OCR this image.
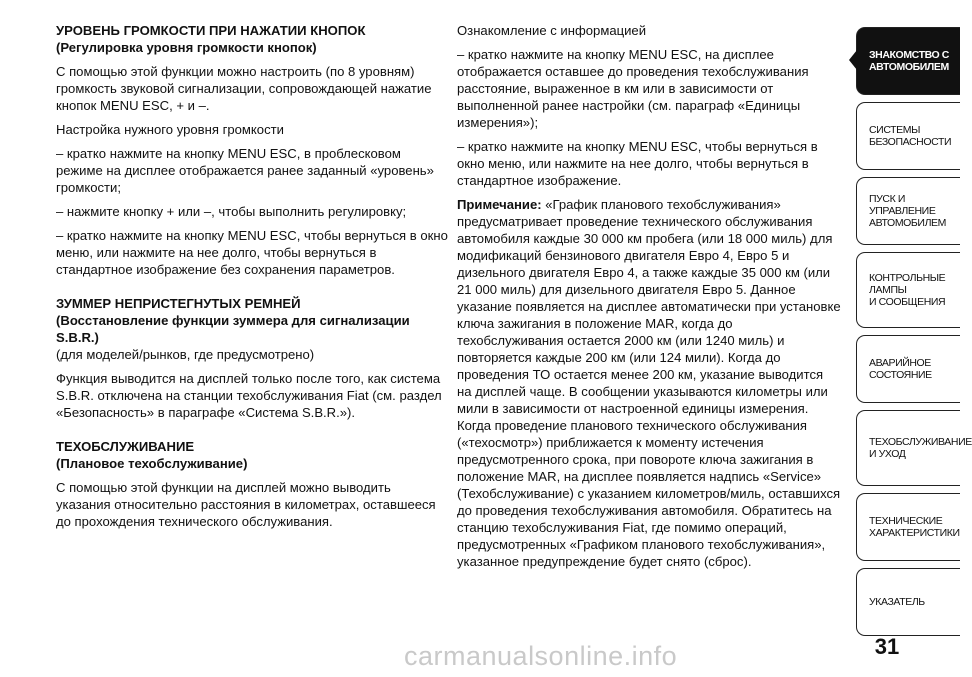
УРОВЕНЬ ГРОМКОСТИ ПРИ НАЖАТИИ КНОПОК
(Регулировка уровня громкости кнопок)

С помощью этой функции можно настроить (по 8 уровням) громкость звуковой сигнализации, сопровождающей нажатие кнопок MENU ESC, + и –.

Настройка нужного уровня громкости

– кратко нажмите на кнопку MENU ESC, в проблесковом режиме на дисплее отображается ранее заданный «уровень» громкости;

– нажмите кнопку + или –, чтобы выполнить регулировку;

– кратко нажмите на кнопку MENU ESC, чтобы вернуться в окно меню, или нажмите на нее долго, чтобы вернуться в стандартное изображение без сохранения параметров.

ЗУММЕР НЕПРИСТЕГНУТЫХ РЕМНЕЙ
(Восстановление функции зуммера для сигнализации S.B.R.)

(для моделей/рынков, где предусмотрено)

Функция выводится на дисплей только после того, как система S.B.R. отключена на станции техобслуживания Fiat (см. раздел «Безопасность» в параграфе «Система S.B.R.»).

ТЕХОБСЛУЖИВАНИЕ
(Плановое техобслуживание)

С помощью этой функции на дисплей можно выводить указания относительно расстояния в километрах, оставшееся до прохождения технического обслуживания.

Ознакомление с информацией

– кратко нажмите на кнопку MENU ESC, на дисплее отображается оставшее до проведения техобслуживания расстояние, выраженное в км или в зависимости от выполненной ранее настройки (см. параграф «Единицы измерения»);

– кратко нажмите на кнопку MENU ESC, чтобы вернуться в окно меню, или нажмите на нее долго, чтобы вернуться в стандартное изображение.

Примечание: «График планового техобслуживания» предусматривает проведение технического обслуживания автомобиля каждые 30 000 км пробега (или 18 000 миль) для модификаций бензинового двигателя Евро 4, Евро 5 и дизельного двигателя Евро 4, а также каждые 35 000 км (или 21 000 миль) для дизельного двигателя Евро 5. Данное указание появляется на дисплее автоматически при установке ключа зажигания в положение MAR, когда до техобслуживания остается 2000 км (или 1240 миль) и повторяется каждые 200 км (или 124 мили). Когда до проведения ТО остается менее 200 км, указание выводится на дисплей чаще. В сообщении указываются километры или мили в зависимости от настроенной единицы измерения. Когда проведение планового технического обслуживания («техосмотр») приближается к моменту истечения предусмотренного срока, при повороте ключа зажигания в положение MAR, на дисплее появляется надпись «Service» (Техобслуживание) с указанием километров/миль, оставшихся до проведения техобслуживания автомобиля. Обратитесь на станцию техобслуживания Fiat, где помимо операций, предусмотренных «Графиком планового техобслуживания», указанное предупреждение будет снято (сброс).

ЗНАКОМСТВО С
АВТОМОБИЛЕМ
СИСТЕМЫ
БЕЗОПАСНОСТИ
ПУСК И УПРАВЛЕНИЕ
АВТОМОБИЛЕМ
КОНТРОЛЬНЫЕ
ЛАМПЫ
И СООБЩЕНИЯ
АВАРИЙНОЕ
СОСТОЯНИЕ
ТЕХОБСЛУЖИВАНИЕ
И УХОД
ТЕХНИЧЕСКИЕ
ХАРАКТЕРИСТИКИ
УКАЗАТЕЛЬ
31
carmanualsonline.info
